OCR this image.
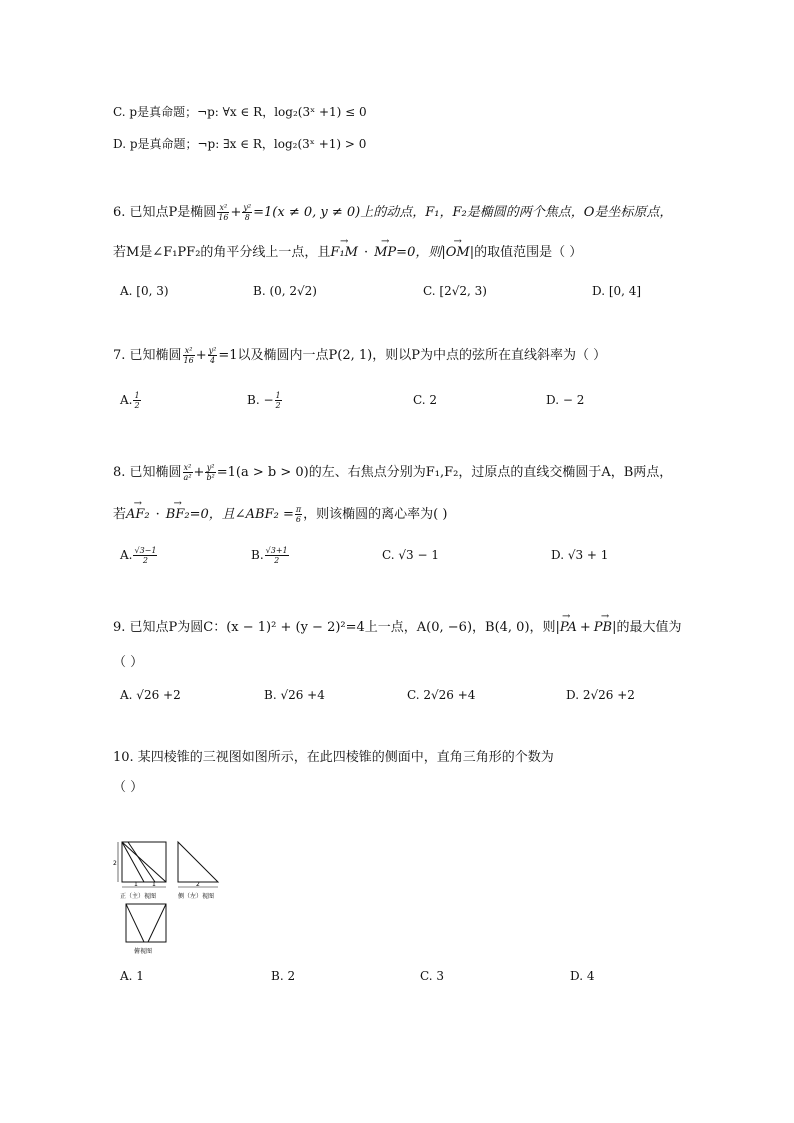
C. p是真命题；¬p: ∀x ∈ R，log₂(3ˣ +1) ≤ 0
D. p是真命题；¬p: ∃x ∈ R，log₂(3ˣ +1) > 0
6. 已知点P是椭圆 $\frac{\text{x²}}{16} + \frac{\text{y²}}{8} =1(x \ne 0$, y ≠ 0)上的动点，F₁，F₂是椭圆的两个焦点，O是坐标原点，
若M是∠F₁PF₂的角平分线上一点，且→ F₁M · → MP=0，则→ |OM|的取值范围是（ ）
A. [0, 3)	B. (0, 2√2)	C. [2√2, 3)	D. [0, 4]
7. 已知椭圆 $\frac{\text{x²}}{16} + \frac{\text{y²}}{4} =1$以及椭圆内一点P(2, 1)，则以P为中点的弦所在直线斜率为（ ）
A. $\frac{1}{2}$	B. − $\frac{1}{2}$	C. 2	D. − 2
8. 已知椭圆 $\frac{\text{x²}}{\text{a²}} + \frac{\text{y²}}{\text{b²}} =1(a > b > 0)$的左、右焦点分别为F₁,F₂，过原点的直线交椭圆于A，B两点，
若→ AF₂ · → BF₂=0，且∠ABF₂ = $\frac{\pi}{6}$ ，则该椭圆的离心率为( )
A. $\frac{√3-1}{2}$	B. $\frac{√3+1}{2}$	C. √3 − 1	D. √3 + 1
9. 已知点P为圆C：(x − 1)² + (y − 2)²=4上一点，A(0, −6)，B(4, 0)，则→ |PA + → PB|的最大值为
（ ）
A. √26 +2	B. √26 +4	C. 2√26 +4	D. 2√26 +2
10. 某四棱锥的三视图如图所示，在此四棱锥的侧面中，直角三角形的个数为
（ ）
2
1 1
正（主）视图
2
侧（左）视图
俯视图
A. 1	B. 2	C. 3	D. 4
